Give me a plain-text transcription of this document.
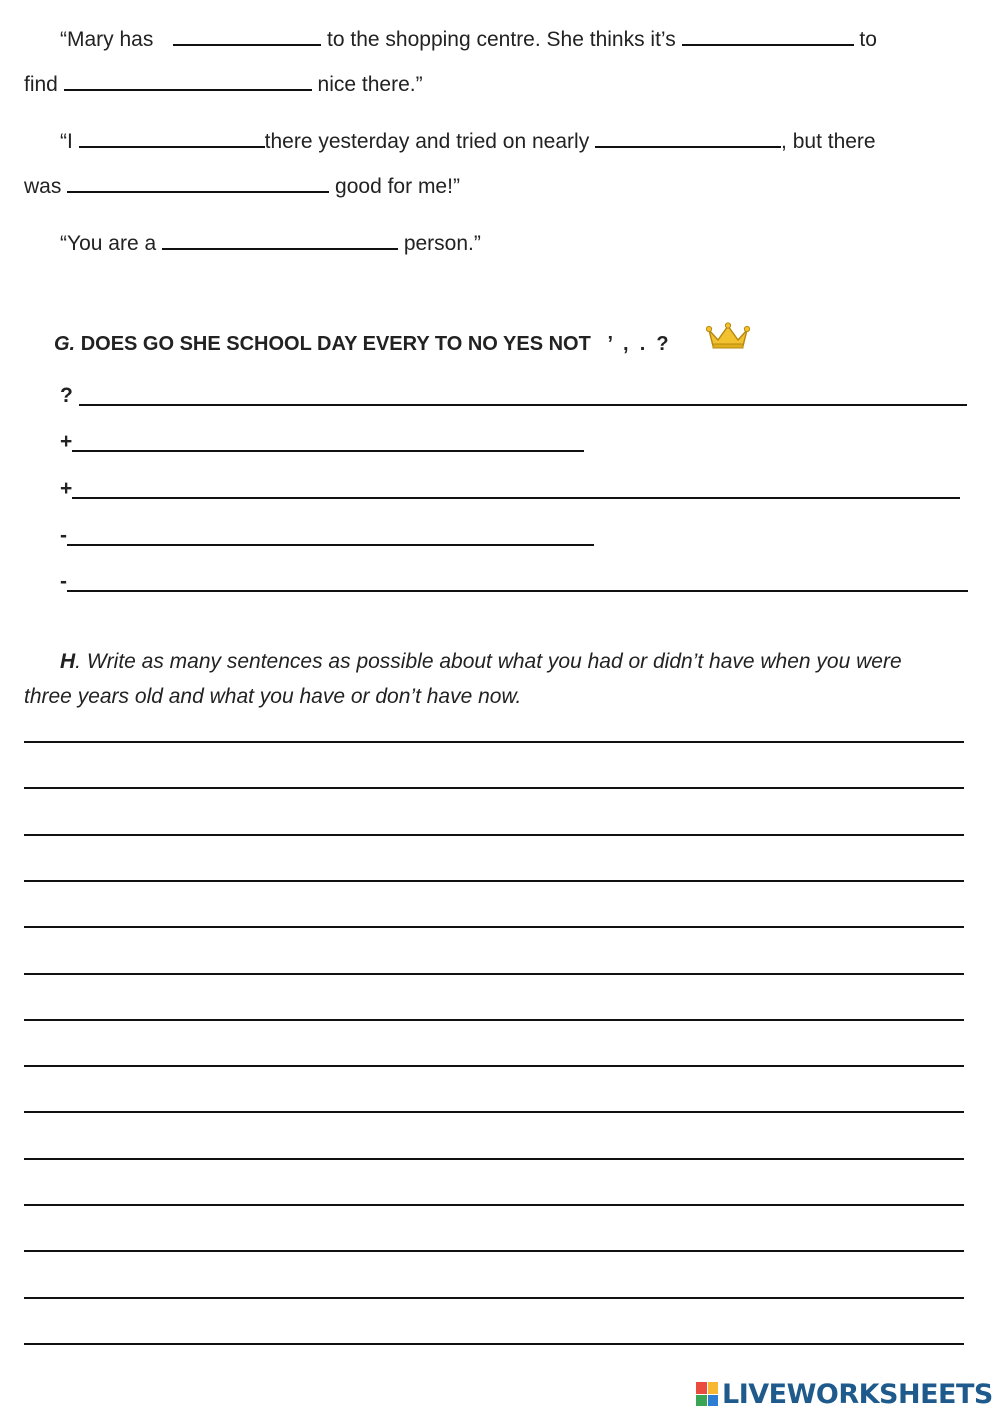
“Mary has	to the shopping centre. She thinks it’s	to
find	nice there.”
“I	there yesterday and tried on nearly	, but there
was	good for me!”
“You are a	person.”
G. DOES GO SHE SCHOOL DAY EVERY TO NO YES NOT   ’  ,  .  ?
?
+
+
-
-
H. Write as many sentences as possible about what you had or didn’t have when you were
three years old and what you have or don’t have now.
LIVEWORKSHEETS
